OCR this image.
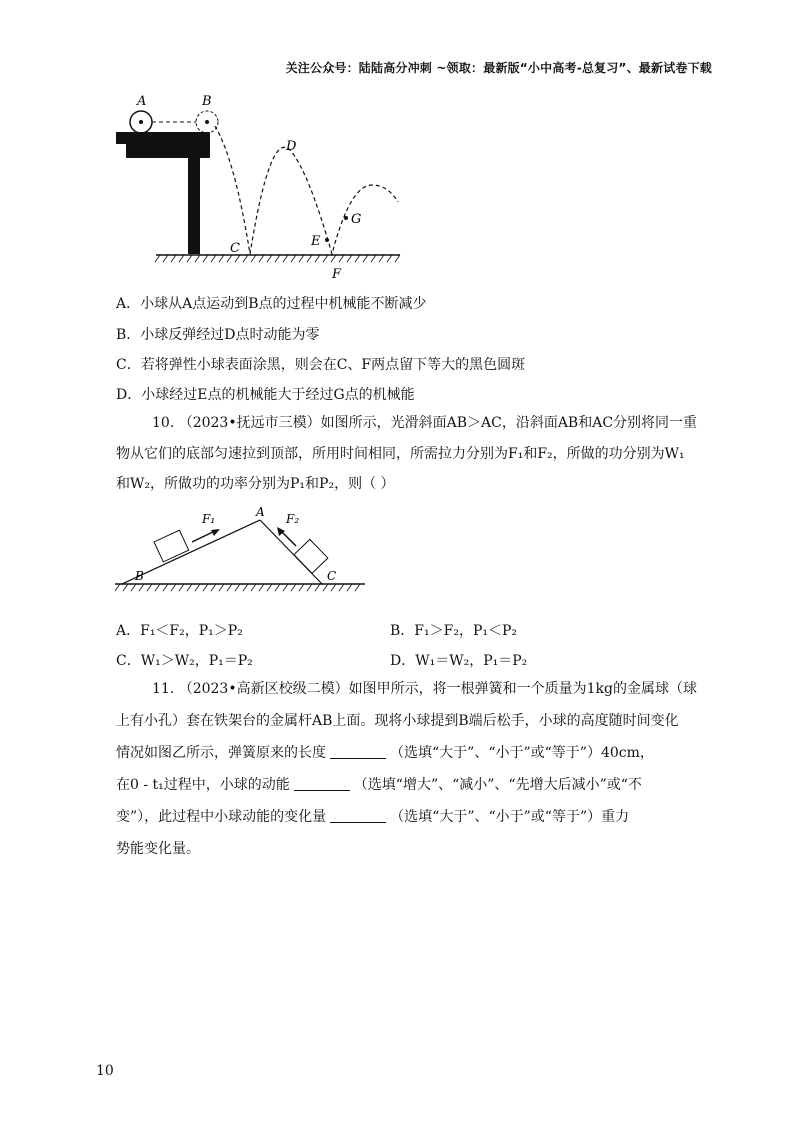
关注公众号：陆陆高分冲刺 ~领取：最新版“小中高考-总复习”、最新试卷下载
A	B
D
C	E
G
F
A．小球从A点运动到B点的过程中机械能不断减少
B．小球反弹经过D点时动能为零
C．若将弹性小球表面涂黑，则会在C、F两点留下等大的黑色圆斑
D．小球经过E点的机械能大于经过G点的机械能
10. （2023•抚远市三模）如图所示，光滑斜面AB＞AC，沿斜面AB和AC分别将同一重
物从它们的底部匀速拉到顶部，所用时间相同，所需拉力分别为F₁和F₂，所做的功分别为W₁
和W₂，所做功的功率分别为P₁和P₂，则（ ）
F₁	A F₂
B	C
A．F₁＜F₂，P₁＞P₂	B．F₁＞F₂，P₁＜P₂
C．W₁＞W₂，P₁＝P₂	D．W₁＝W₂，P₁＝P₂
11. （2023•高新区校级二模）如图甲所示，将一根弹簧和一个质量为1kg的金属球（球
上有小孔）套在铁架台的金属杆AB上面。现将小球提到B端后松手，小球的高度随时间变化
情况如图乙所示，弹簧原来的长度	（选填“大于”、“小于”或“等于”）40cm，
在0 - t₁过程中，小球的动能	（选填“增大”、“减小”、“先增大后减小”或“不
变”），此过程中小球动能的变化量	（选填“大于”、“小于”或“等于”）重力
势能变化量。
10
